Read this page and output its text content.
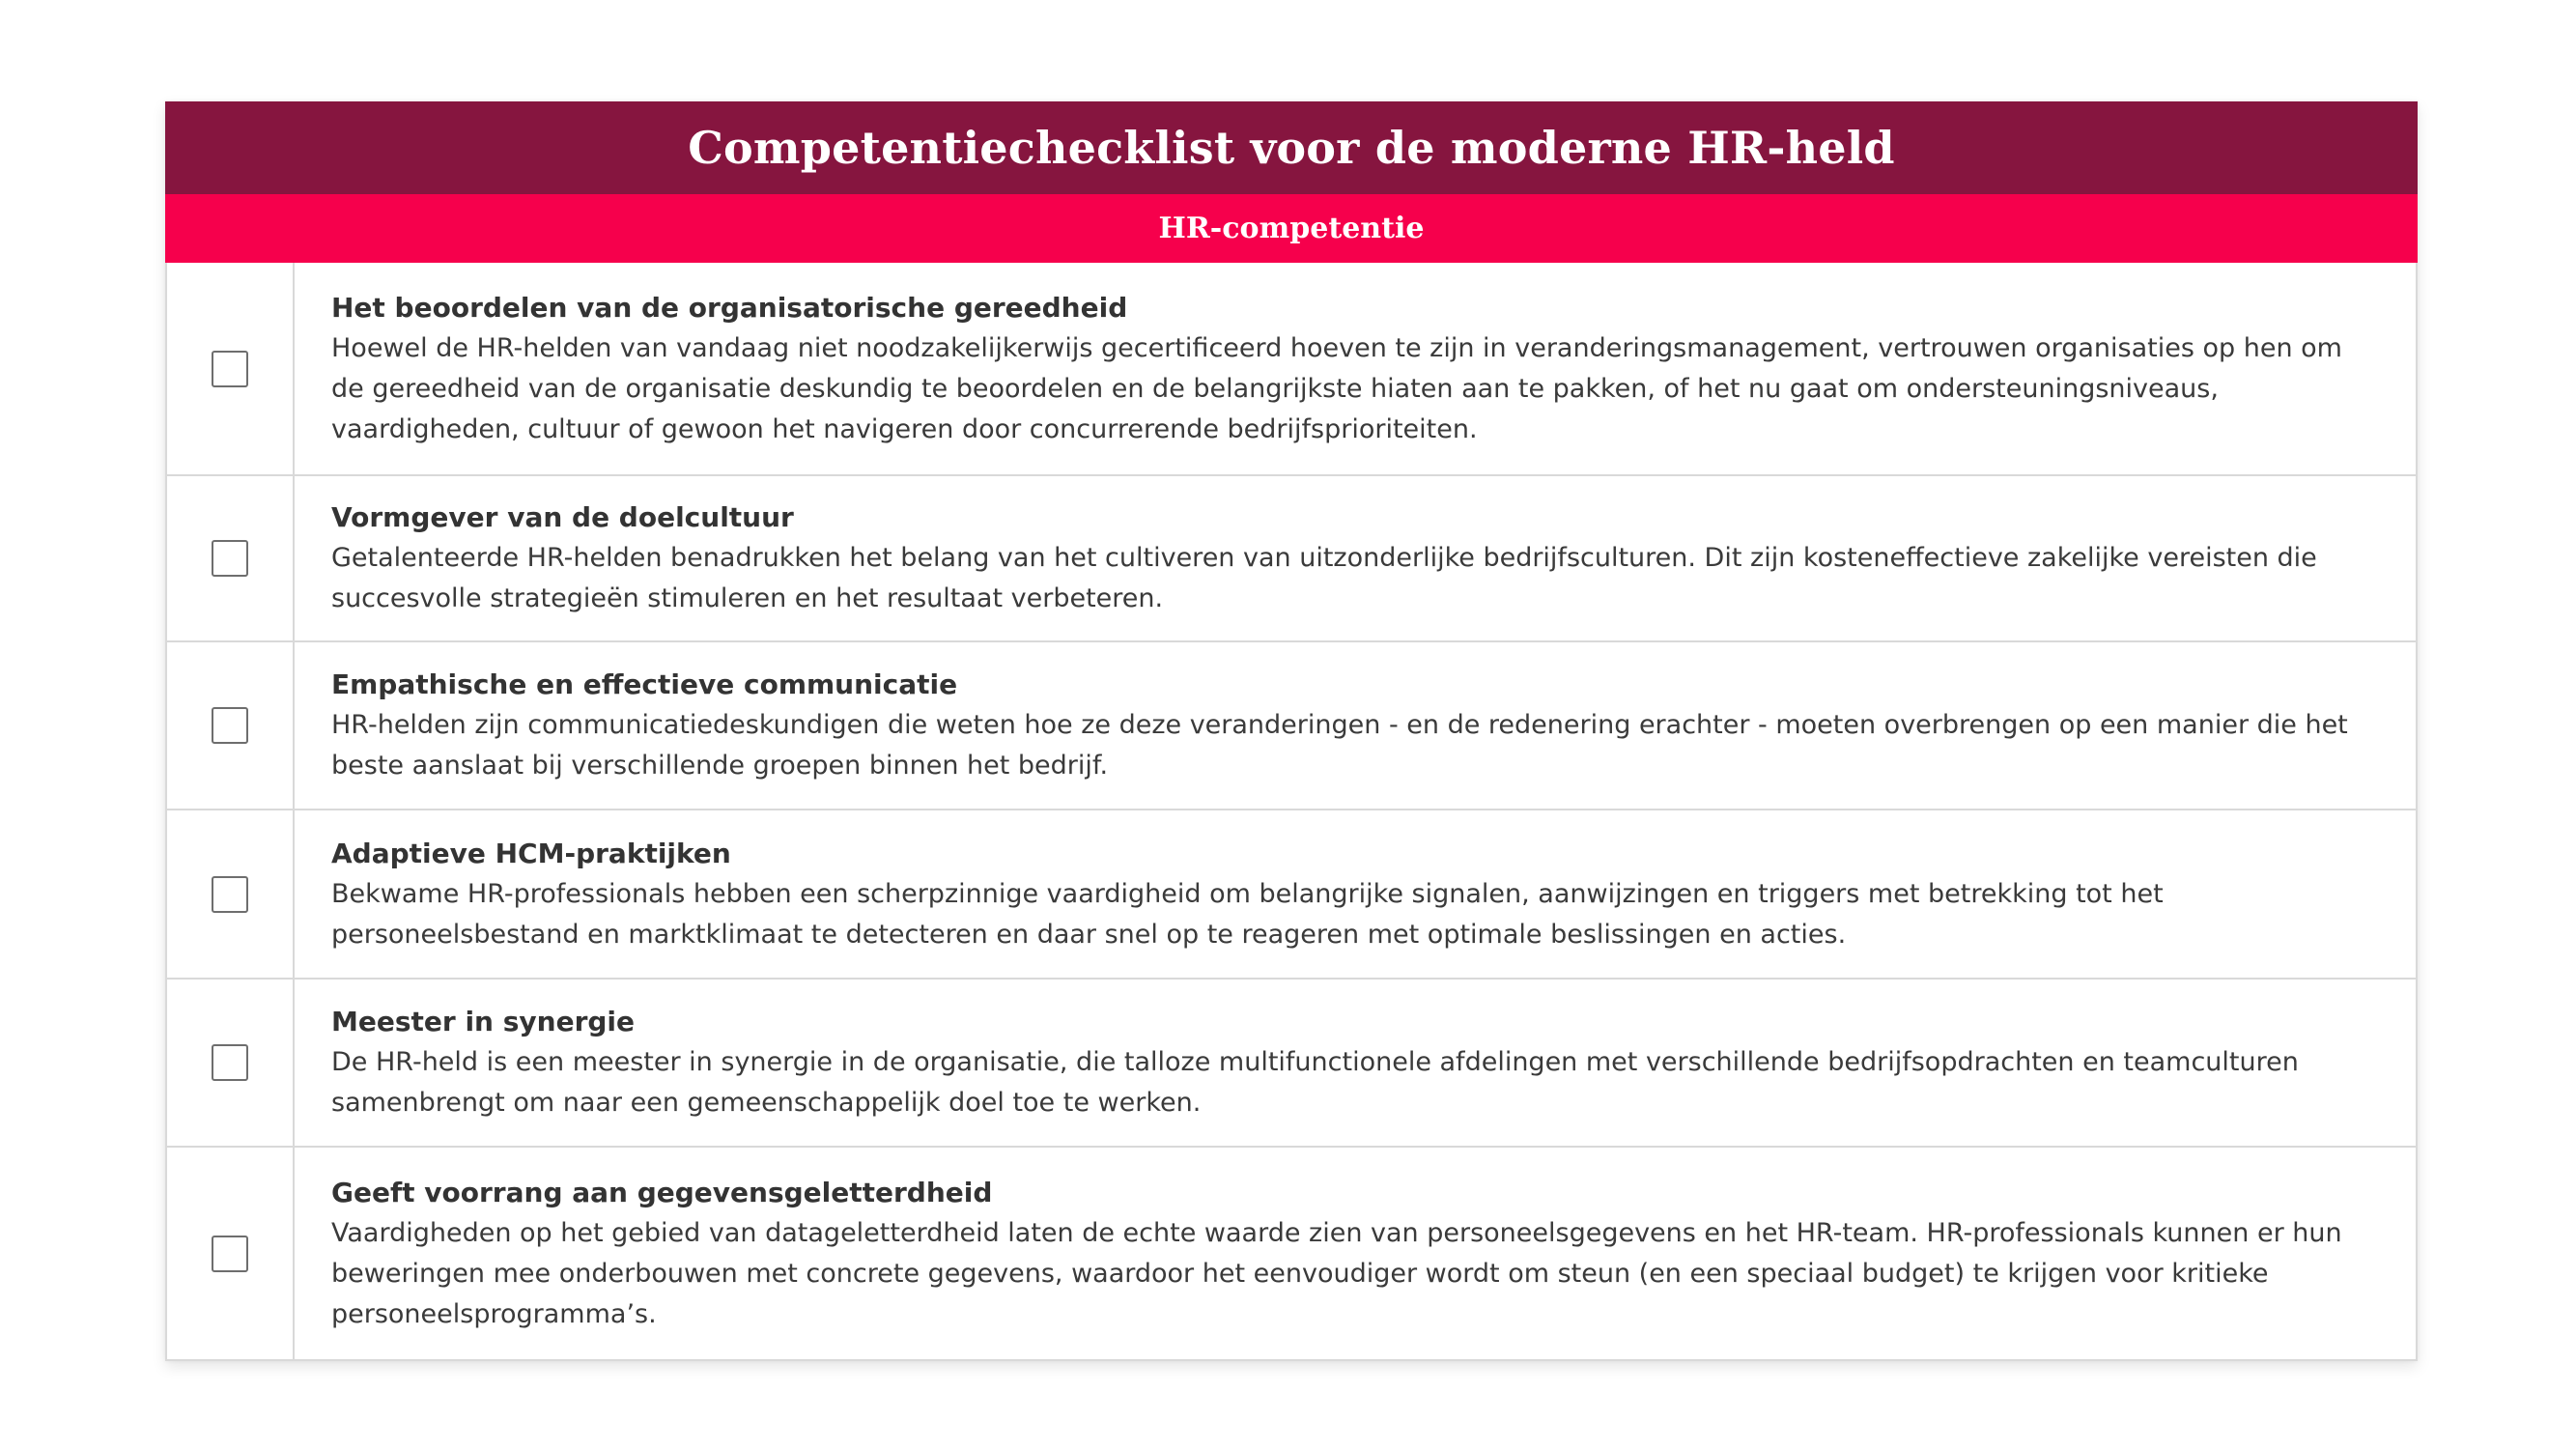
Competentiechecklist voor de moderne HR-held
HR-competentie
Het beoordelen van de organisatorische gereedheid
Hoewel de HR-helden van vandaag niet noodzakelijkerwijs gecertificeerd hoeven te zijn in veranderingsmanagement, vertrouwen organisaties op hen om de gereedheid van de organisatie deskundig te beoordelen en de belangrijkste hiaten aan te pakken, of het nu gaat om ondersteuningsniveaus, vaardigheden, cultuur of gewoon het navigeren door concurrerende bedrijfsprioriteiten.
Vormgever van de doelcultuur
Getalenteerde HR-helden benadrukken het belang van het cultiveren van uitzonderlijke bedrijfsculturen. Dit zijn kosteneffectieve zakelijke vereisten die succesvolle strategieën stimuleren en het resultaat verbeteren.
Empathische en effectieve communicatie
HR-helden zijn communicatiedeskundigen die weten hoe ze deze veranderingen - en de redenering erachter - moeten overbrengen op een manier die het beste aanslaat bij verschillende groepen binnen het bedrijf.
Adaptieve HCM-praktijken
Bekwame HR-professionals hebben een scherpzinnige vaardigheid om belangrijke signalen, aanwijzingen en triggers met betrekking tot het personeelsbestand en marktklimaat te detecteren en daar snel op te reageren met optimale beslissingen en acties.
Meester in synergie
De HR-held is een meester in synergie in de organisatie, die talloze multifunctionele afdelingen met verschillende bedrijfsopdrachten en teamculturen samenbrengt om naar een gemeenschappelijk doel toe te werken.
Geeft voorrang aan gegevensgeletterdheid
Vaardigheden op het gebied van datageletterdheid laten de echte waarde zien van personeelsgegevens en het HR-team. HR-professionals kunnen er hun beweringen mee onderbouwen met concrete gegevens, waardoor het eenvoudiger wordt om steun (en een speciaal budget) te krijgen voor kritieke personeelsprogramma’s.
